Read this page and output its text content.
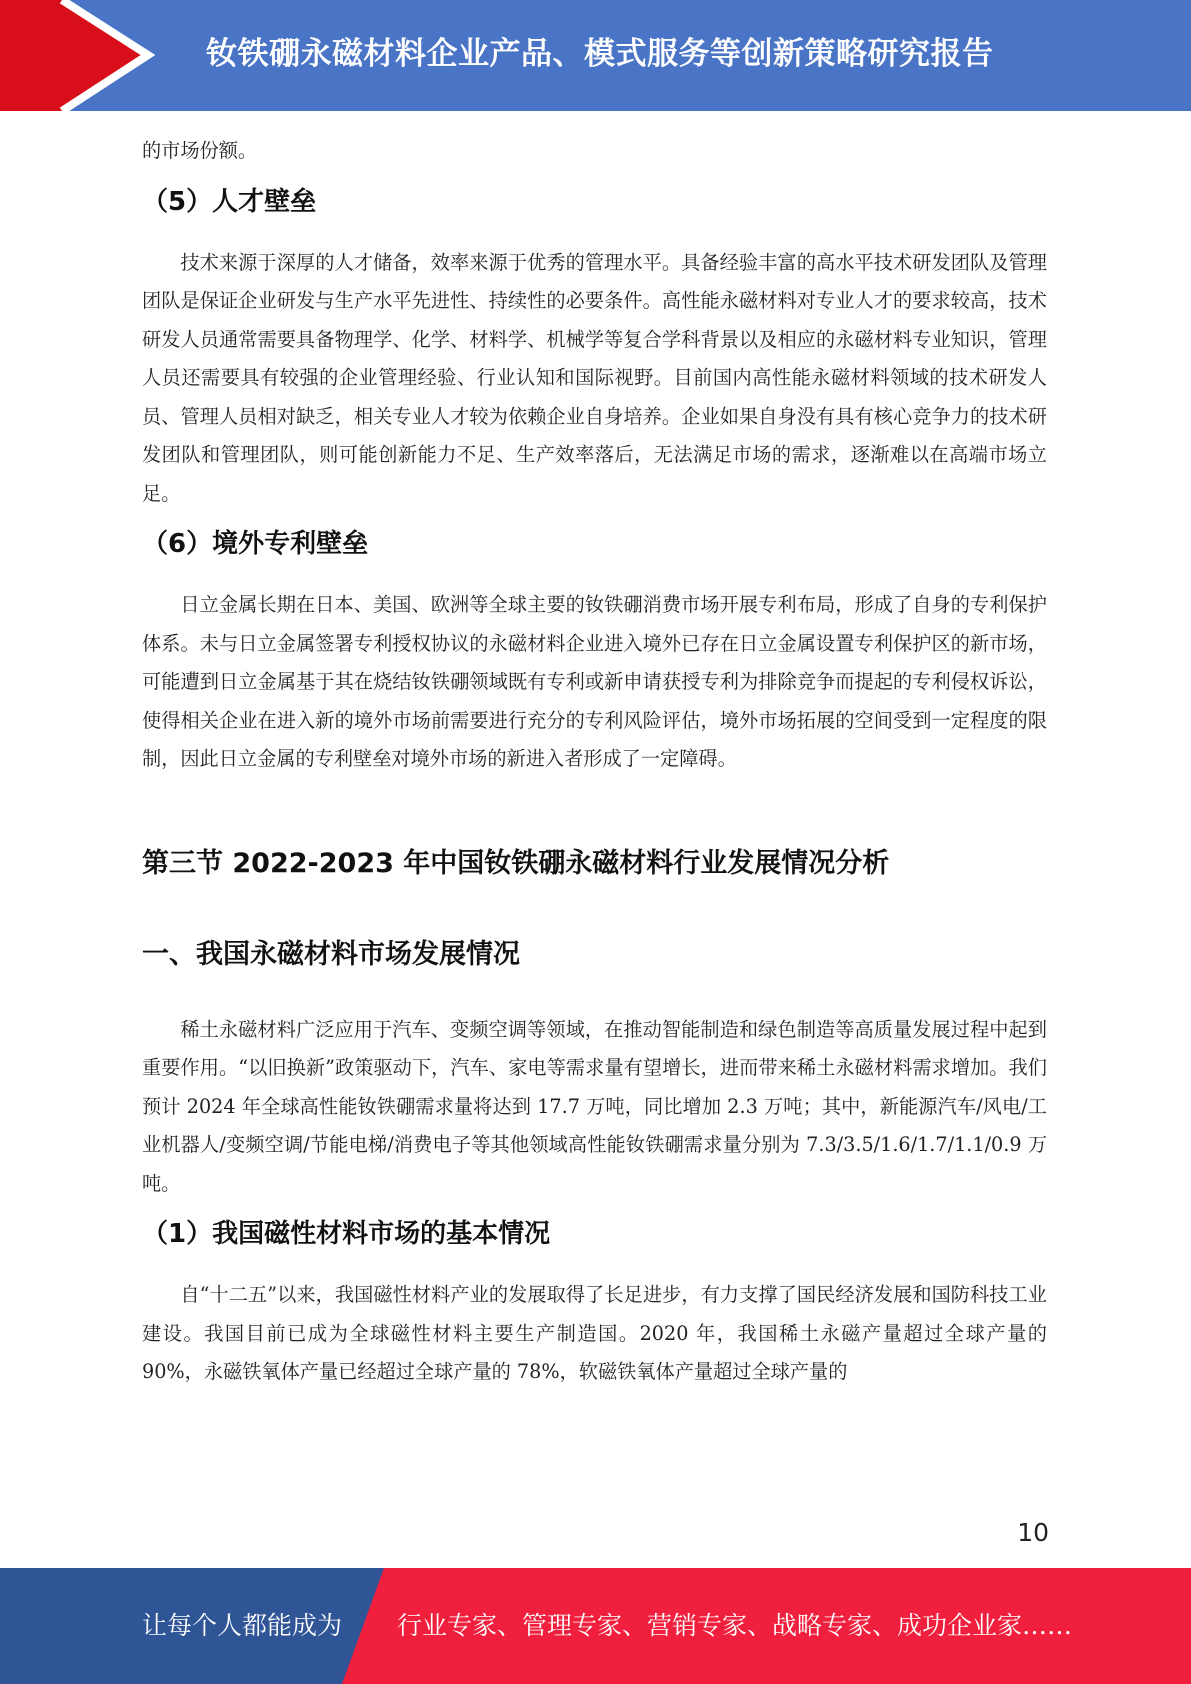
钕铁硼永磁材料企业产品、模式服务等创新策略研究报告

的市场份额。

（5）人才壁垒

技术来源于深厚的人才储备，效率来源于优秀的管理水平。具备经验丰富的高水平技术研发团队及管理团队是保证企业研发与生产水平先进性、持续性的必要条件。高性能永磁材料对专业人才的要求较高，技术研发人员通常需要具备物理学、化学、材料学、机械学等复合学科背景以及相应的永磁材料专业知识，管理人员还需要具有较强的企业管理经验、行业认知和国际视野。目前国内高性能永磁材料领域的技术研发人员、管理人员相对缺乏，相关专业人才较为依赖企业自身培养。企业如果自身没有具有核心竞争力的技术研发团队和管理团队，则可能创新能力不足、生产效率落后，无法满足市场的需求，逐渐难以在高端市场立足。

（6）境外专利壁垒

日立金属长期在日本、美国、欧洲等全球主要的钕铁硼消费市场开展专利布局，形成了自身的专利保护体系。未与日立金属签署专利授权协议的永磁材料企业进入境外已存在日立金属设置专利保护区的新市场，可能遭到日立金属基于其在烧结钕铁硼领域既有专利或新申请获授专利为排除竞争而提起的专利侵权诉讼，使得相关企业在进入新的境外市场前需要进行充分的专利风险评估，境外市场拓展的空间受到一定程度的限制，因此日立金属的专利壁垒对境外市场的新进入者形成了一定障碍。

第三节 2022-2023 年中国钕铁硼永磁材料行业发展情况分析
一、我国永磁材料市场发展情况

稀土永磁材料广泛应用于汽车、变频空调等领域，在推动智能制造和绿色制造等高质量发展过程中起到重要作用。“以旧换新”政策驱动下，汽车、家电等需求量有望增长，进而带来稀土永磁材料需求增加。我们预计 2024 年全球高性能钕铁硼需求量将达到 17.7 万吨，同比增加 2.3 万吨；其中，新能源汽车/风电/工业机器人/变频空调/节能电梯/消费电子等其他领域高性能钕铁硼需求量分别为 7.3/3.5/1.6/1.7/1.1/0.9 万吨。

（1）我国磁性材料市场的基本情况

自“十二五”以来，我国磁性材料产业的发展取得了长足进步，有力支撑了国民经济发展和国防科技工业建设。我国目前已成为全球磁性材料主要生产制造国。2020 年，我国稀土永磁产量超过全球产量的 90%，永磁铁氧体产量已经超过全球产量的 78%，软磁铁氧体产量超过全球产量的

10
让每个人都能成为 行业专家、管理专家、营销专家、战略专家、成功企业家……
